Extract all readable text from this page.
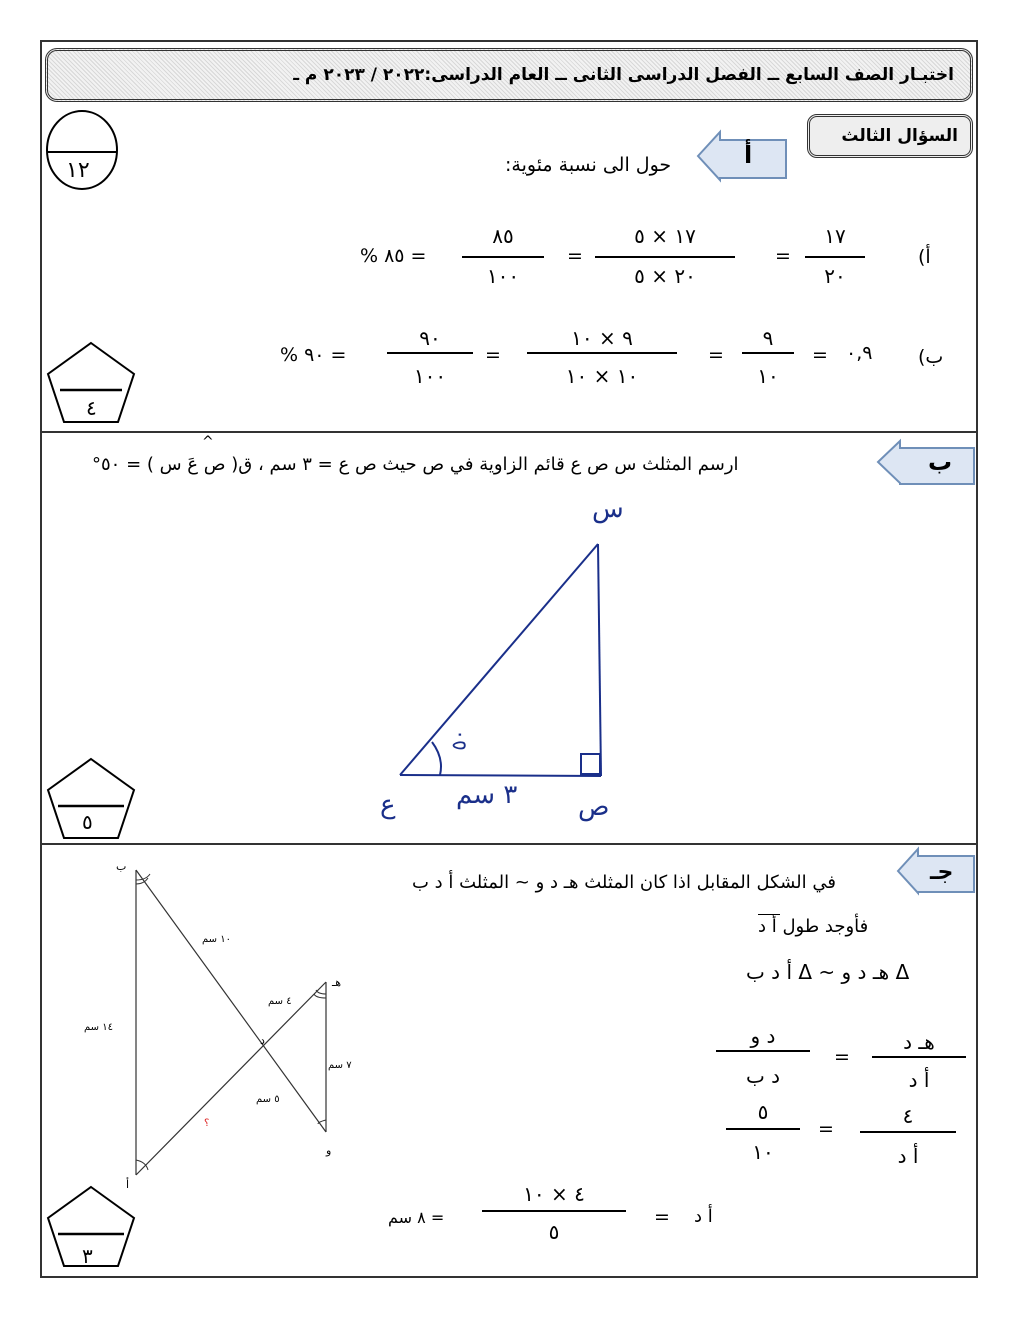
اختبـار الصف السابع ــ الفصل الدراسى الثانى ــ العام الدراسى:٢٠٢٢ / ٢٠٢٣ م ـ
١٢
السؤال الثالث
أ
حول الى نسبة مئوية:
أ)
١٧
٢٠
=
١٧ × ٥
٢٠ × ٥
=
٨٥
١٠٠
= ٨٥ %
ب)
٠,٩
=
٩
١٠
=
٩ × ١٠
١٠ × ١٠
=
٩٠
١٠٠
= ٩٠ %
٤
ب
ارسم المثلث س ص ع قائم الزاوية في ص حيث ص ع = ٣ سم ، ق( ص عَ س ) = ٥٠°
^
س
ص
ع ٣ سم
٥٠
٥
جـ
في الشكل المقابل اذا كان المثلث هـ د و ~ المثلث أ د ب
فأوجد طول أ د
Δ هـ د و ~ Δ أ د ب
د و
د ب
=
هـ د
أ د
٥
١٠
=
٤
أ د
أ د
=
٤ × ١٠
٥
= ٨ سم
ب
أ
هـ
و
د
١٤ سم
١٠ سم
٤ سم
٧ سم
٥ سم
؟
٣
